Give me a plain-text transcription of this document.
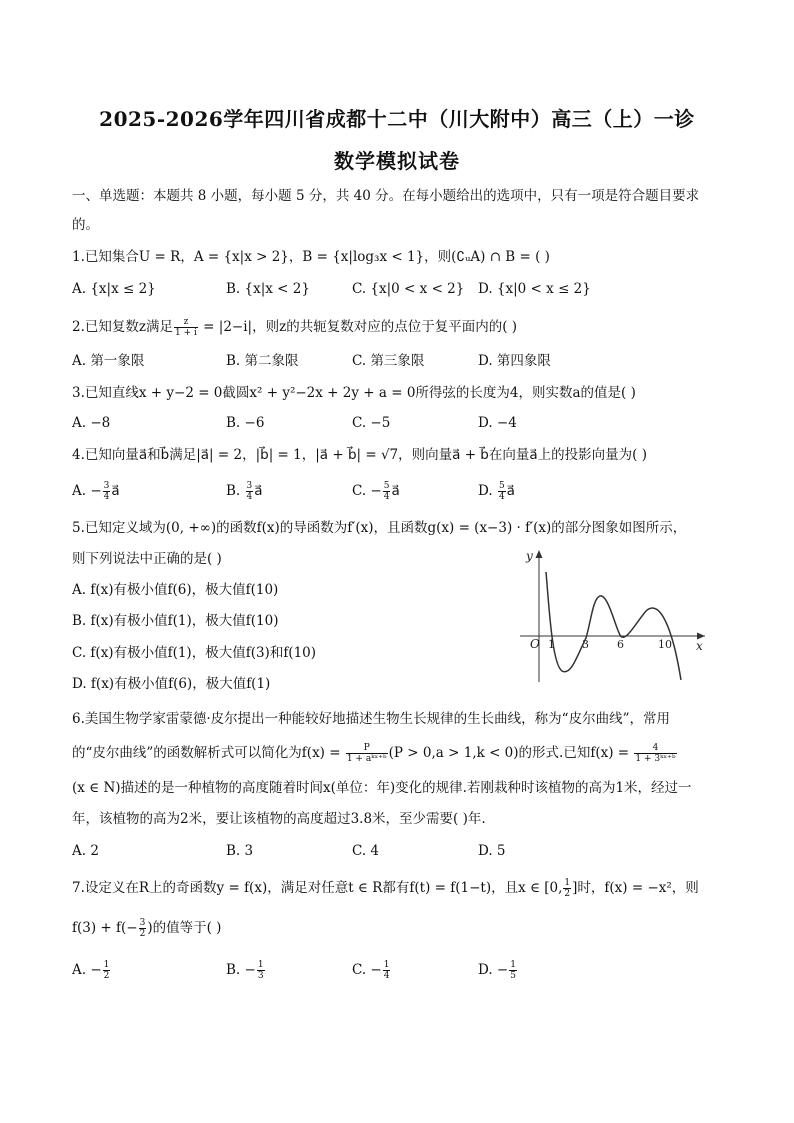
2025-2026学年四川省成都十二中（川大附中）高三（上）一诊
数学模拟试卷
一、单选题：本题共 8 小题，每小题 5 分，共 40 分。在每小题给出的选项中，只有一项是符合题目要求
的。
1.已知集合U = R，A = {x|x > 2}，B = {x|log₃x < 1}，则(∁ᵤA) ∩ B = ( )
A. {x|x ≤ 2}	B. {x|x < 2}	C. {x|0 < x < 2} D. {x|0 < x ≤ 2}
2.已知复数z满足 $\frac{z}{1 + i} = |2-i|$，则z的共轭复数对应的点位于复平面内的( )
A. 第一象限	B. 第二象限	C. 第三象限	D. 第四象限
3.已知直线x + y−2 = 0截圆x² + y²−2x + 2y + a = 0所得弦的长度为4，则实数a的值是( )
A. −8	B. −6	C. −5	D. −4
4.已知向量a⃗和b⃗满足|a⃗| = 2，|b⃗| = 1，|a⃗ + b⃗| = √7，则向量a⃗ + b⃗在向量a⃗上的投影向量为( )
A. − $\frac{3}{4}$ a⃗	B. $\frac{3}{4}$ a⃗	C. − $\frac{5}{4}$ a⃗	D. $\frac{5}{4}$ a⃗
5.已知定义域为(0, +∞)的函数f(x)的导函数为f′(x)，且函数g(x) = (x−3) · f′(x)的部分图象如图所示，
则下列说法中正确的是( )
A. f(x)有极小值f(6)，极大值f(10)
B. f(x)有极小值f(1)，极大值f(10)
C. f(x)有极小值f(1)，极大值f(3)和f(10)
D. f(x)有极小值f(6)，极大值f(1)
y
x
O 1 3	6	10
6.美国生物学家雷蒙德·皮尔提出一种能较好地描述生物生长规律的生长曲线，称为“皮尔曲线”，常用
的“皮尔曲线”的函数解析式可以简化为$f(x) = \frac{P}{\text{1 + aᵏˣ⁺ᵇ}} (P > 0,a > 1,k < 0)$的形式.已知$f(x) = \frac{4}{\text{1 + 3ᵏˣ⁺ᵇ}}$
(x ∈ N)描述的是一种植物的高度随着时间x(单位：年)变化的规律.若刚栽种时该植物的高为1米，经过一
年，该植物的高为2米，要让该植物的高度超过3.8米，至少需要( )年.
A. 2	B. 3	C. 4	D. 5
7.设定义在R上的奇函数y = f(x)，满足对任意t ∈ R都有f(t) = f(1−t)，且x ∈ [0, $\frac{1}{2}$ ]时，f(x) = −x²，则
$f(3) + f(- \frac{3}{2}$ )的值等于( )
A. − $\frac{1}{2}$	B. − $\frac{1}{3}$	C. − $\frac{1}{4}$	D. − $\frac{1}{5}$
